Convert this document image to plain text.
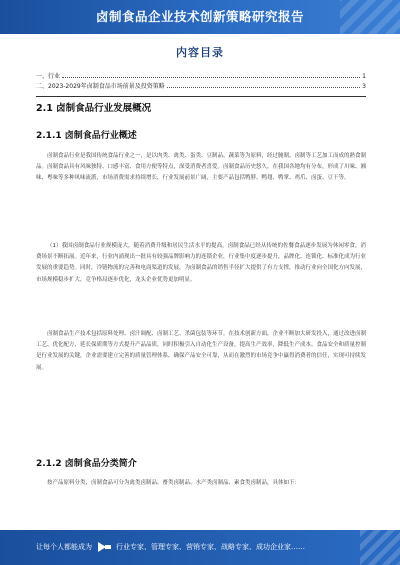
卤制食品企业技术创新策略研究报告
内容目录
一、行业	1
二、2023-2029年卤制食品市场前景及投资策略	3
2.1 卤制食品行业发展概况
2.1.1 卤制食品行业概述
卤制食品行业是我国传统食品行业之一，是以肉类、禽类、蛋类、豆制品、蔬菜等为原料，经过腌制、卤制等工艺加工而成的熟食制品。卤制食品具有风味独特、口感丰富、食用方便等特点，深受消费者喜爱。卤制食品历史悠久，在我国各地均有分布，形成了川味、湘味、粤味等多种风味流派，市场消费需求持续增长，行业发展前景广阔，主要产品包括鸭脖、鸭翅、鸭掌、鸡爪、卤蛋、豆干等。
（1）我国卤制食品行业规模庞大，随着消费升级和居民生活水平的提高，卤制食品已经从传统的佐餐食品逐步发展为休闲零食，消费场景不断拓展。近年来，行业内涌现出一批具有较强品牌影响力的连锁企业，行业集中度逐步提升，品牌化、连锁化、标准化成为行业发展的重要趋势。同时，冷链物流的完善和电商渠道的发展，为卤制食品的销售半径扩大提供了有力支撑，推动行业向全国化方向发展，市场规模稳步扩大，竞争格局逐步优化，龙头企业优势更加明显。
卤制食品生产技术包括原料处理、卤汁调配、卤制工艺、杀菌包装等环节。在技术创新方面，企业不断加大研发投入，通过改进卤制工艺、优化配方、延长保质期等方式提升产品品质，同时积极引入自动化生产设备，提高生产效率，降低生产成本。食品安全和质量控制是行业发展的关键，企业需要建立完善的质量管理体系，确保产品安全可靠，从而在激烈的市场竞争中赢得消费者的信任，实现可持续发展。
2.1.2 卤制食品分类简介
按产品原料分类，卤制食品可分为禽类卤制品、畜类卤制品、水产类卤制品、素食类卤制品，具体如下：
让每个人都能成为	行业专家、管理专家、营销专家、战略专家、成功企业家……
